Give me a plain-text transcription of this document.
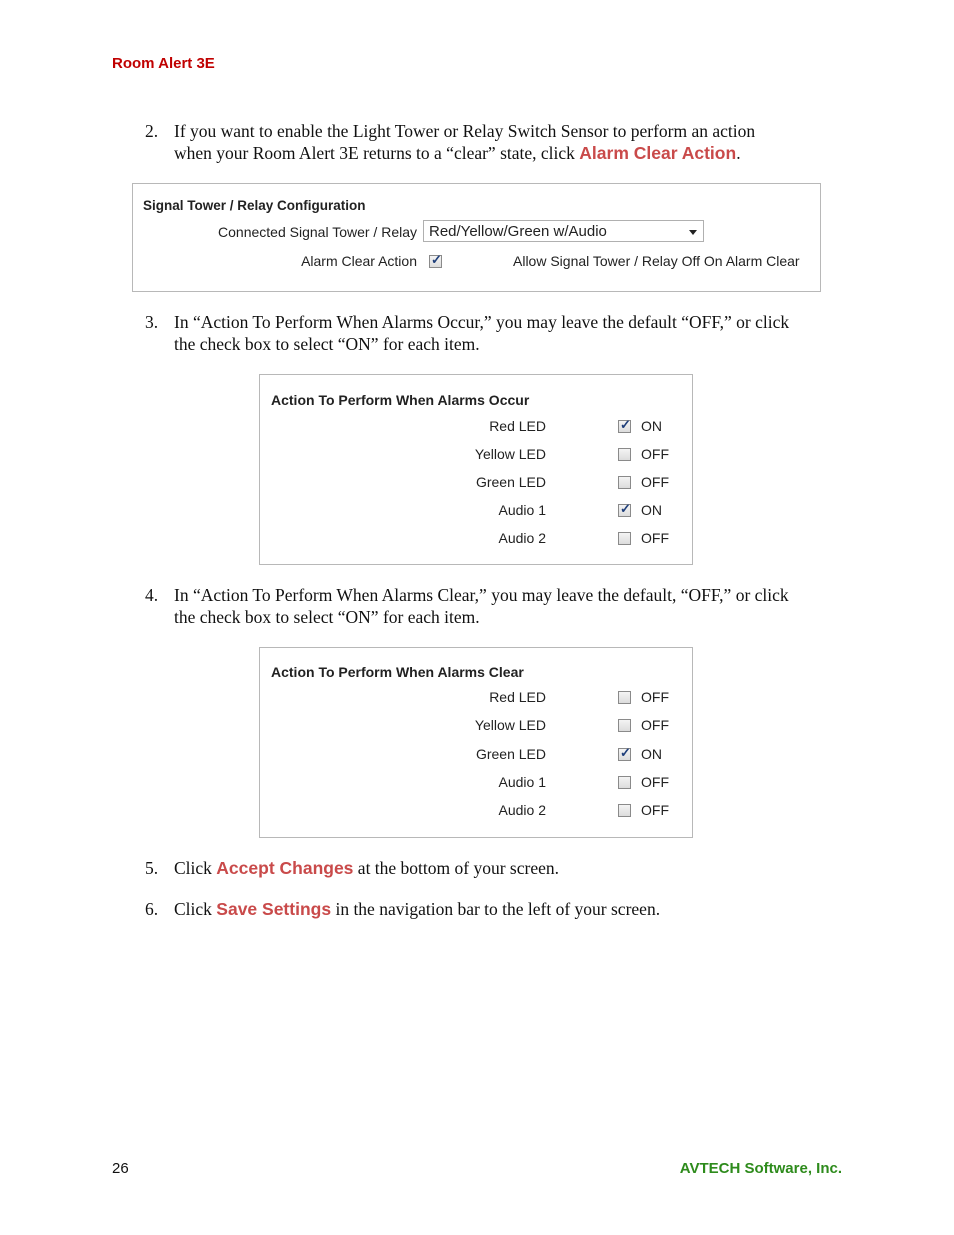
Room Alert 3E
2. If you want to enable the Light Tower or Relay Switch Sensor to perform an action
when your Room Alert 3E returns to a “clear” state, click Alarm Clear Action.
Signal Tower / Relay Configuration
Connected Signal Tower / Relay Red/Yellow/Green w/Audio
Alarm Clear Action ✓	Allow Signal Tower / Relay Off On Alarm Clear
3. In “Action To Perform When Alarms Occur,” you may leave the default “OFF,” or click
the check box to select “ON” for each item.
Action To Perform When Alarms Occur
Red LED	✓ ON
Yellow LED	OFF
Green LED	OFF
Audio 1	✓ ON
Audio 2	OFF
4. In “Action To Perform When Alarms Clear,” you may leave the default, “OFF,” or click
the check box to select “ON” for each item.
Action To Perform When Alarms Clear
Red LED	OFF
Yellow LED	OFF
Green LED	✓ ON
Audio 1	OFF
Audio 2	OFF
5. Click Accept Changes at the bottom of your screen.
6. Click Save Settings in the navigation bar to the left of your screen.
26	AVTECH Software, Inc.
